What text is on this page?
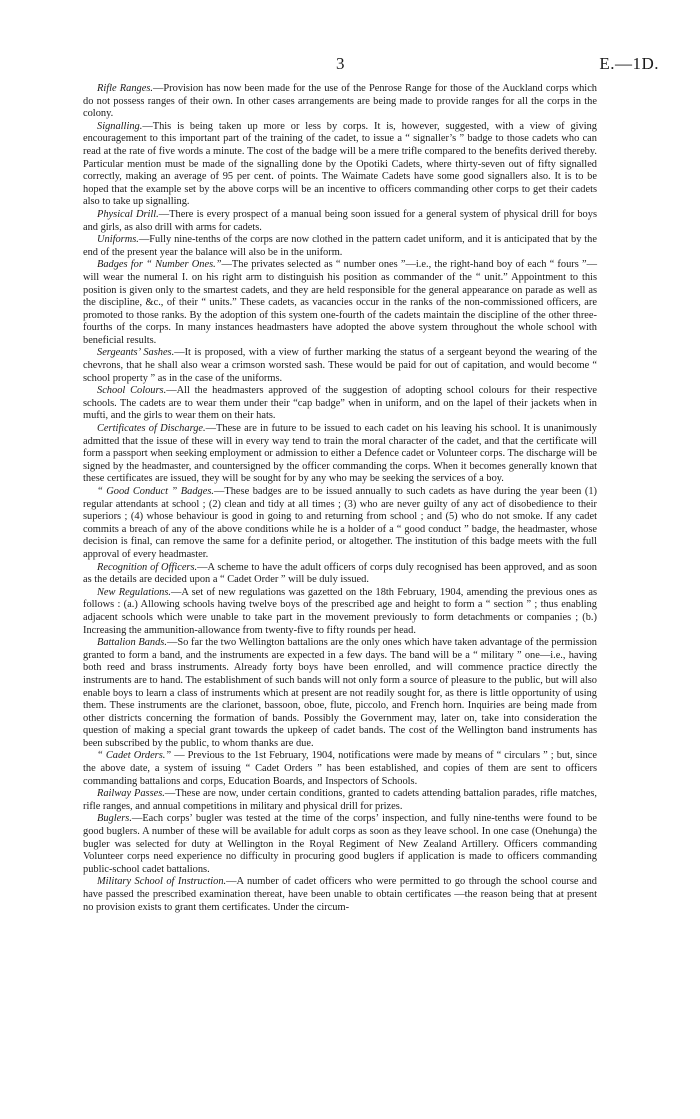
3	E.—1D.

Rifle Ranges.—Provision has now been made for the use of the Penrose Range for those of the Auckland corps which do not possess ranges of their own. In other cases arrangements are being made to provide ranges for all the corps in the colony.

Signalling.—This is being taken up more or less by corps. It is, however, suggested, with a view of giving encouragement to this important part of the training of the cadet, to issue a “ signaller’s ” badge to those cadets who can read at the rate of five words a minute. The cost of the badge will be a mere trifle compared to the benefits derived thereby. Particular mention must be made of the signalling done by the Opotiki Cadets, where thirty-seven out of fifty signalled correctly, making an average of 95 per cent. of points. The Waimate Cadets have some good signallers also. It is to be hoped that the example set by the above corps will be an incentive to officers commanding other corps to get their cadets also to take up signalling.

Physical Drill.—There is every prospect of a manual being soon issued for a general system of physical drill for boys and girls, as also drill with arms for cadets.

Uniforms.—Fully nine-tenths of the corps are now clothed in the pattern cadet uniform, and it is anticipated that by the end of the present year the balance will also be in the uniform.

Badges for “ Number Ones.”—The privates selected as “ number ones ”—i.e., the right-hand boy of each “ fours ”—will wear the numeral I. on his right arm to distinguish his position as commander of the “ unit.” Appointment to this position is given only to the smartest cadets, and they are held responsible for the general appearance on parade as well as the discipline, &c., of their “ units.” These cadets, as vacancies occur in the ranks of the non-commissioned officers, are promoted to those ranks. By the adoption of this system one-fourth of the cadets maintain the discipline of the other three-fourths of the corps. In many instances headmasters have adopted the above system throughout the whole school with beneficial results.

Sergeants’ Sashes.—It is proposed, with a view of further marking the status of a sergeant beyond the wearing of the chevrons, that he shall also wear a crimson worsted sash. These would be paid for out of capitation, and would become “ school property ” as in the case of the uniforms.

School Colours.—All the headmasters approved of the suggestion of adopting school colours for their respective schools. The cadets are to wear them under their “cap badge” when in uniform, and on the lapel of their jackets when in mufti, and the girls to wear them on their hats.

Certificates of Discharge.—These are in future to be issued to each cadet on his leaving his school. It is unanimously admitted that the issue of these will in every way tend to train the moral character of the cadet, and that the certificate will form a passport when seeking employment or admission to either a Defence cadet or Volunteer corps. The discharge will be signed by the headmaster, and countersigned by the officer commanding the corps. When it becomes generally known that these certificates are issued, they will be sought for by any who may be seeking the services of a boy.

“ Good Conduct ” Badges.—These badges are to be issued annually to such cadets as have during the year been (1) regular attendants at school ; (2) clean and tidy at all times ; (3) who are never guilty of any act of disobedience to their superiors ; (4) whose behaviour is good in going to and returning from school ; and (5) who do not smoke. If any cadet commits a breach of any of the above conditions while he is a holder of a “ good conduct ” badge, the headmaster, whose decision is final, can remove the same for a definite period, or altogether. The institution of this badge meets with the full approval of every headmaster.

Recognition of Officers.—A scheme to have the adult officers of corps duly recognised has been approved, and as soon as the details are decided upon a “ Cadet Order ” will be duly issued.

New Regulations.—A set of new regulations was gazetted on the 18th February, 1904, amending the previous ones as follows : (a.) Allowing schools having twelve boys of the prescribed age and height to form a “ section ” ; thus enabling adjacent schools which were unable to take part in the movement previously to form detachments or companies ; (b.) Increasing the ammunition-allowance from twenty-five to fifty rounds per head.

Battalion Bands.—So far the two Wellington battalions are the only ones which have taken advantage of the permission granted to form a band, and the instruments are expected in a few days. The band will be a “ military ” one—i.e., having both reed and brass instruments. Already forty boys have been enrolled, and will commence practice directly the instruments are to hand. The establishment of such bands will not only form a source of pleasure to the public, but will also enable boys to learn a class of instruments which at present are not readily sought for, as there is little opportunity of using them. These instruments are the clarionet, bassoon, oboe, flute, piccolo, and French horn. Inquiries are being made from other districts concerning the formation of bands. Possibly the Government may, later on, take into consideration the question of making a special grant towards the upkeep of cadet bands. The cost of the Wellington band instruments has been subscribed by the public, to whom thanks are due.

“ Cadet Orders.” — Previous to the 1st February, 1904, notifications were made by means of “ circulars ” ; but, since the above date, a system of issuing “ Cadet Orders ” has been established, and copies of them are sent to officers commanding battalions and corps, Education Boards, and Inspectors of Schools.

Railway Passes.—These are now, under certain conditions, granted to cadets attending battalion parades, rifle matches, rifle ranges, and annual competitions in military and physical drill for prizes.

Buglers.—Each corps’ bugler was tested at the time of the corps’ inspection, and fully nine-tenths were found to be good buglers. A number of these will be available for adult corps as soon as they leave school. In one case (Onehunga) the bugler was selected for duty at Wellington in the Royal Regiment of New Zealand Artillery. Officers commanding Volunteer corps need experience no difficulty in procuring good buglers if application is made to officers commanding public-school cadet battalions.

Military School of Instruction.—A number of cadet officers who were permitted to go through the school course and have passed the prescribed examination thereat, have been unable to obtain certificates —the reason being that at present no provision exists to grant them certificates. Under the circum-
